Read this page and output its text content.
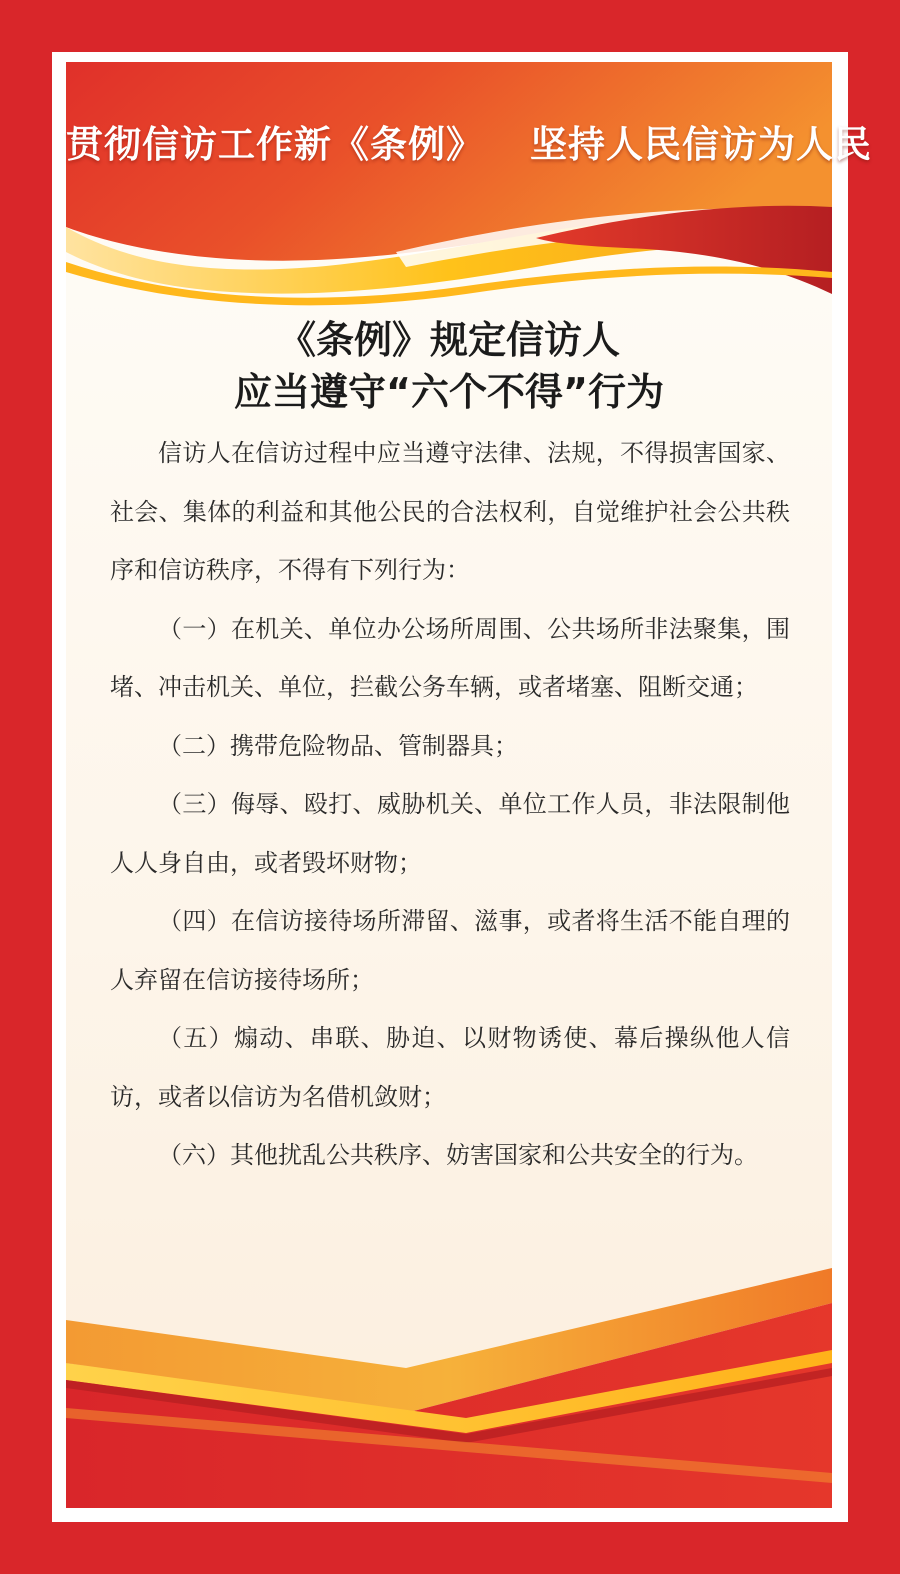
贯彻信访工作新《条例》 坚持人民信访为人民
《条例》规定信访人
应当遵守“六个不得”行为

信访人在信访过程中应当遵守法律、法规，不得损害国家、社会、集体的利益和其他公民的合法权利，自觉维护社会公共秩序和信访秩序，不得有下列行为：

（一）在机关、单位办公场所周围、公共场所非法聚集，围堵、冲击机关、单位，拦截公务车辆，或者堵塞、阻断交通；

（二）携带危险物品、管制器具；

（三）侮辱、殴打、威胁机关、单位工作人员，非法限制他人人身自由，或者毁坏财物；

（四）在信访接待场所滞留、滋事，或者将生活不能自理的人弃留在信访接待场所；

（五）煽动、串联、胁迫、以财物诱使、幕后操纵他人信访，或者以信访为名借机敛财；

（六）其他扰乱公共秩序、妨害国家和公共安全的行为。
